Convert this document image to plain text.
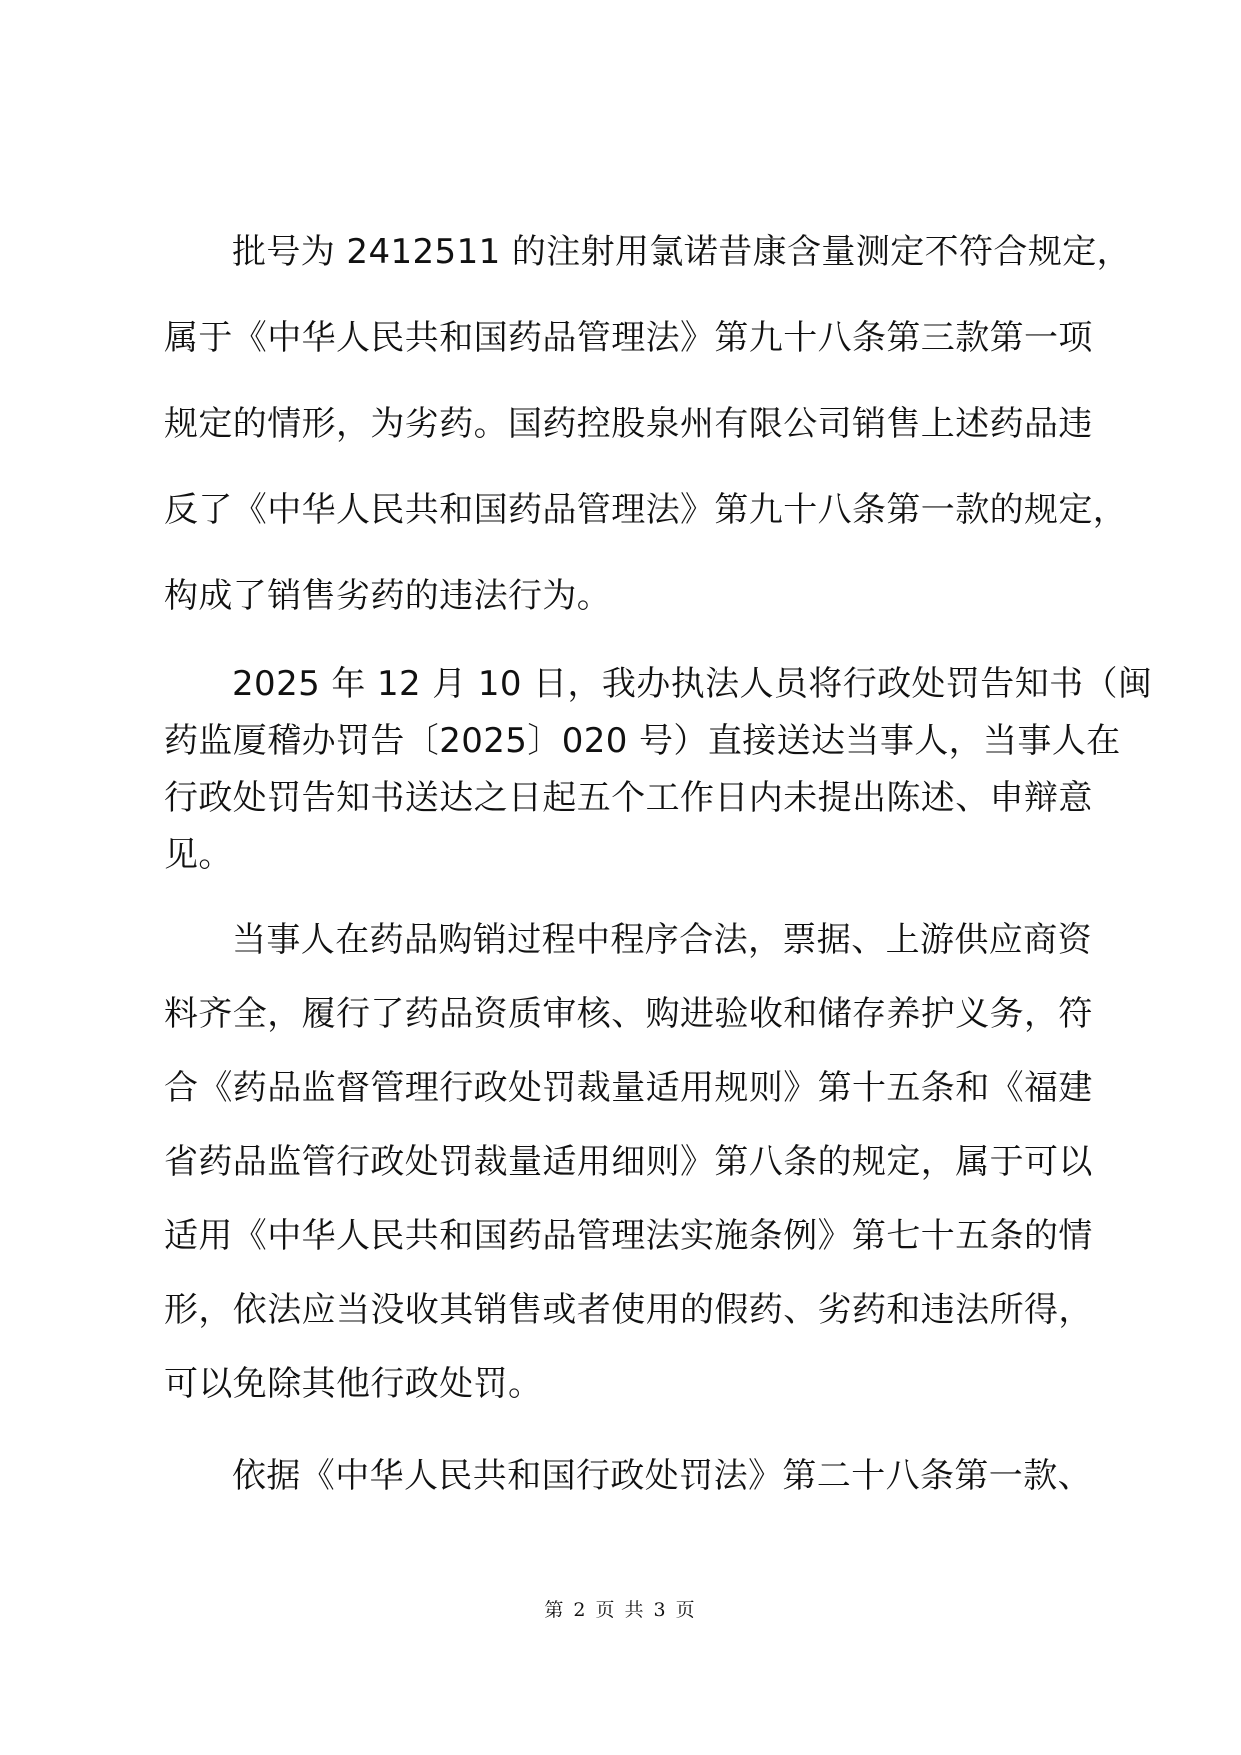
批号为 2412511 的注射用氯诺昔康含量测定不符合规定，

属于《中华人民共和国药品管理法》第九十八条第三款第一项

规定的情形，为劣药。国药控股泉州有限公司销售上述药品违

反了《中华人民共和国药品管理法》第九十八条第一款的规定，

构成了销售劣药的违法行为。

2025 年 12 月 10 日，我办执法人员将行政处罚告知书（闽

药监厦稽办罚告〔2025〕020 号）直接送达当事人，当事人在

行政处罚告知书送达之日起五个工作日内未提出陈述、申辩意

见。

当事人在药品购销过程中程序合法，票据、上游供应商资

料齐全，履行了药品资质审核、购进验收和储存养护义务，符

合《药品监督管理行政处罚裁量适用规则》第十五条和《福建

省药品监管行政处罚裁量适用细则》第八条的规定，属于可以

适用《中华人民共和国药品管理法实施条例》第七十五条的情

形，依法应当没收其销售或者使用的假药、劣药和违法所得，

可以免除其他行政处罚。

依据《中华人民共和国行政处罚法》第二十八条第一款、

第 2 页 共 3 页
